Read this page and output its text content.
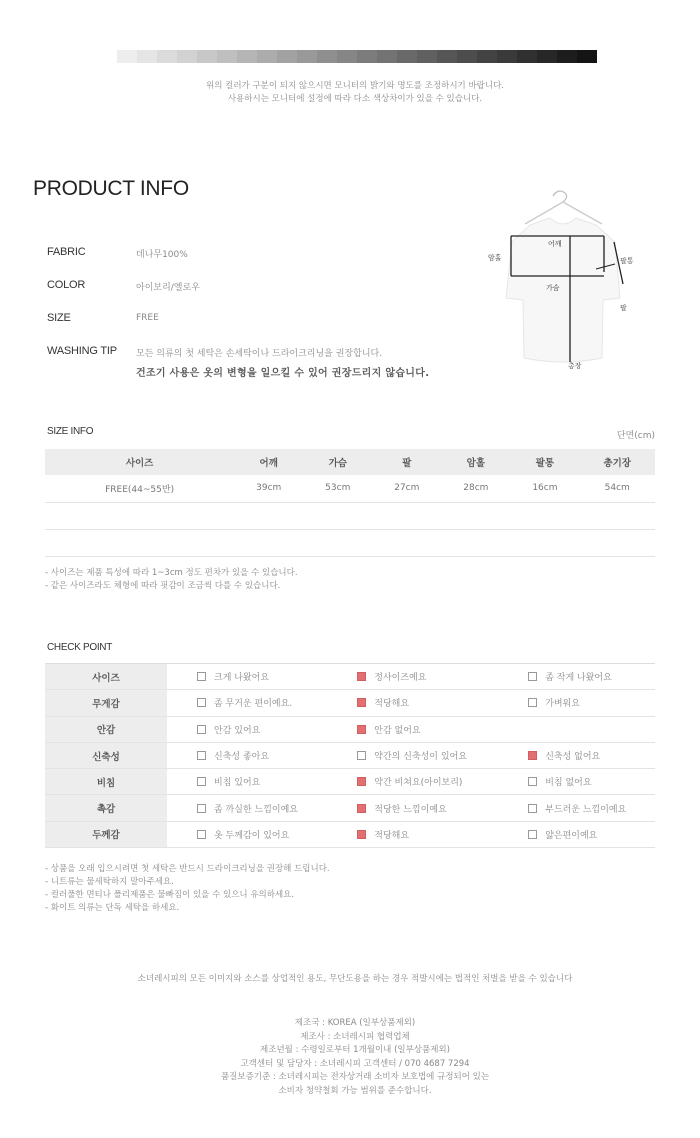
위의 컬러가 구분이 되지 않으시면 모니터의 밝기와 명도를 조정하시기 바랍니다.
사용하시는 모니터에 설정에 따라 다소 색상차이가 있을 수 있습니다.
PRODUCT INFO
FABRIC	데나무100%
COLOR	아이보리/옐로우
SIZE	FREE
WASHING TIP	모든 의류의 첫 세탁은 손세탁이나 드라이크리닝을 권장합니다.
건조기 사용은 옷의 변형을 일으킬 수 있어 권장드리지 않습니다.
어깨
암홀	팔통
가슴
팔
총장
SIZE INFO	단면(cm)
사이즈	어깨	가슴	팔	암홀	팔통	총기장
FREE(44~55반)	39cm	53cm	27cm	28cm	16cm	54cm

- 사이즈는 제품 특성에 따라 1~3cm 정도 편차가 있을 수 있습니다.
- 같은 사이즈라도 체형에 따라 핏감이 조금씩 다를 수 있습니다.
CHECK POINT
사이즈	크게 나왔어요	정사이즈예요	좀 작게 나왔어요
무게감	좀 무거운 편이예요.	적당해요	가벼워요
안감	안감 있어요	안감 없어요	
신축성	신축성 좋아요	약간의 신축성이 있어요	신축성 없어요
비침	비침 있어요	약간 비쳐요(아이보리)	비침 없어요
촉감	좀 까실한 느낌이예요	적당한 느낌이예요	부드러운 느낌이예요
두께감	옷 두께감이 있어요	적당해요	얇은편이예요
- 상품을 오래 입으시려면 첫 세탁은 반드시 드라이크리닝을 권장해 드립니다.
- 니트류는 물세탁하지 말아주세요.
- 컬러풀한 면티나 폴리제품은 물빠짐이 있을 수 있으니 유의하세요.
- 화이트 의류는 단독 세탁을 하세요.
소녀레시피의 모든 이미지와 소스를 상업적인 용도, 무단도용을 하는 경우 적발시에는 법적인 처벌을 받을 수 있습니다
제조국 : KOREA (일부상품제외)
제조사 : 소녀레시피 협력업체
제조년월 : 수령일로부터 1개월이내 (일부상품제외)
고객센터 및 담당자 : 소녀레시피 고객센터 / 070 4687 7294
품질보증기준 : 소녀레시피는 전자상거래 소비자 보호법에 규정되어 있는
소비자 청약철회 가능 범위를 준수합니다.
